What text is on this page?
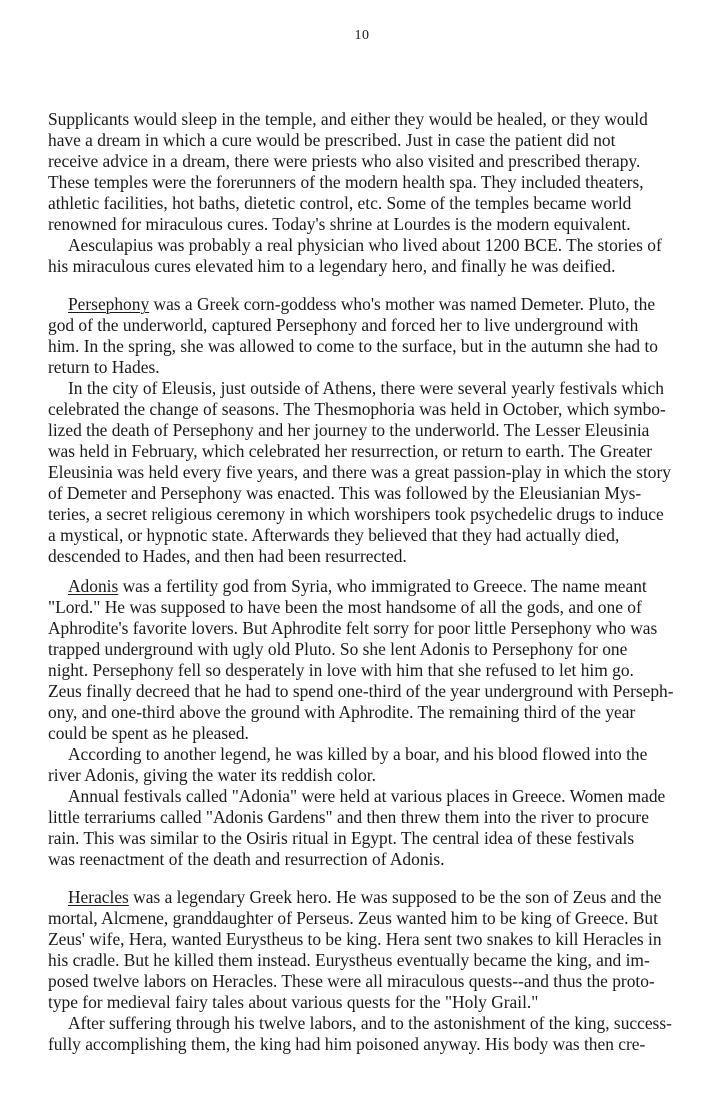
10
Supplicants would sleep in the temple, and either they would be healed, or they would
have a dream in which a cure would be prescribed. Just in case the patient did not
receive advice in a dream, there were priests who also visited and prescribed therapy.
These temples were the forerunners of the modern health spa. They included theaters,
athletic facilities, hot baths, dietetic control, etc. Some of the temples became world
renowned for miraculous cures. Today's shrine at Lourdes is the modern equivalent.
Aesculapius was probably a real physician who lived about 1200 BCE. The stories of
his miraculous cures elevated him to a legendary hero, and finally he was deified.
Persephony was a Greek corn-goddess who's mother was named Demeter. Pluto, the
god of the underworld, captured Persephony and forced her to live underground with
him. In the spring, she was allowed to come to the surface, but in the autumn she had to
return to Hades.
In the city of Eleusis, just outside of Athens, there were several yearly festivals which
celebrated the change of seasons. The Thesmophoria was held in October, which symbo-
lized the death of Persephony and her journey to the underworld. The Lesser Eleusinia
was held in February, which celebrated her resurrection, or return to earth. The Greater
Eleusinia was held every five years, and there was a great passion-play in which the story
of Demeter and Persephony was enacted. This was followed by the Eleusianian Mys-
teries, a secret religious ceremony in which worshipers took psychedelic drugs to induce
a mystical, or hypnotic state. Afterwards they believed that they had actually died,
descended to Hades, and then had been resurrected.
Adonis was a fertility god from Syria, who immigrated to Greece. The name meant
"Lord." He was supposed to have been the most handsome of all the gods, and one of
Aphrodite's favorite lovers. But Aphrodite felt sorry for poor little Persephony who was
trapped underground with ugly old Pluto. So she lent Adonis to Persephony for one
night. Persephony fell so desperately in love with him that she refused to let him go.
Zeus finally decreed that he had to spend one-third of the year underground with Perseph-
ony, and one-third above the ground with Aphrodite. The remaining third of the year
could be spent as he pleased.
According to another legend, he was killed by a boar, and his blood flowed into the
river Adonis, giving the water its reddish color.
Annual festivals called "Adonia" were held at various places in Greece. Women made
little terrariums called "Adonis Gardens" and then threw them into the river to procure
rain. This was similar to the Osiris ritual in Egypt. The central idea of these festivals
was reenactment of the death and resurrection of Adonis.
Heracles was a legendary Greek hero. He was supposed to be the son of Zeus and the
mortal, Alcmene, granddaughter of Perseus. Zeus wanted him to be king of Greece. But
Zeus' wife, Hera, wanted Eurystheus to be king. Hera sent two snakes to kill Heracles in
his cradle. But he killed them instead. Eurystheus eventually became the king, and im-
posed twelve labors on Heracles. These were all miraculous quests--and thus the proto-
type for medieval fairy tales about various quests for the "Holy Grail."
After suffering through his twelve labors, and to the astonishment of the king, success-
fully accomplishing them, the king had him poisoned anyway. His body was then cre-
